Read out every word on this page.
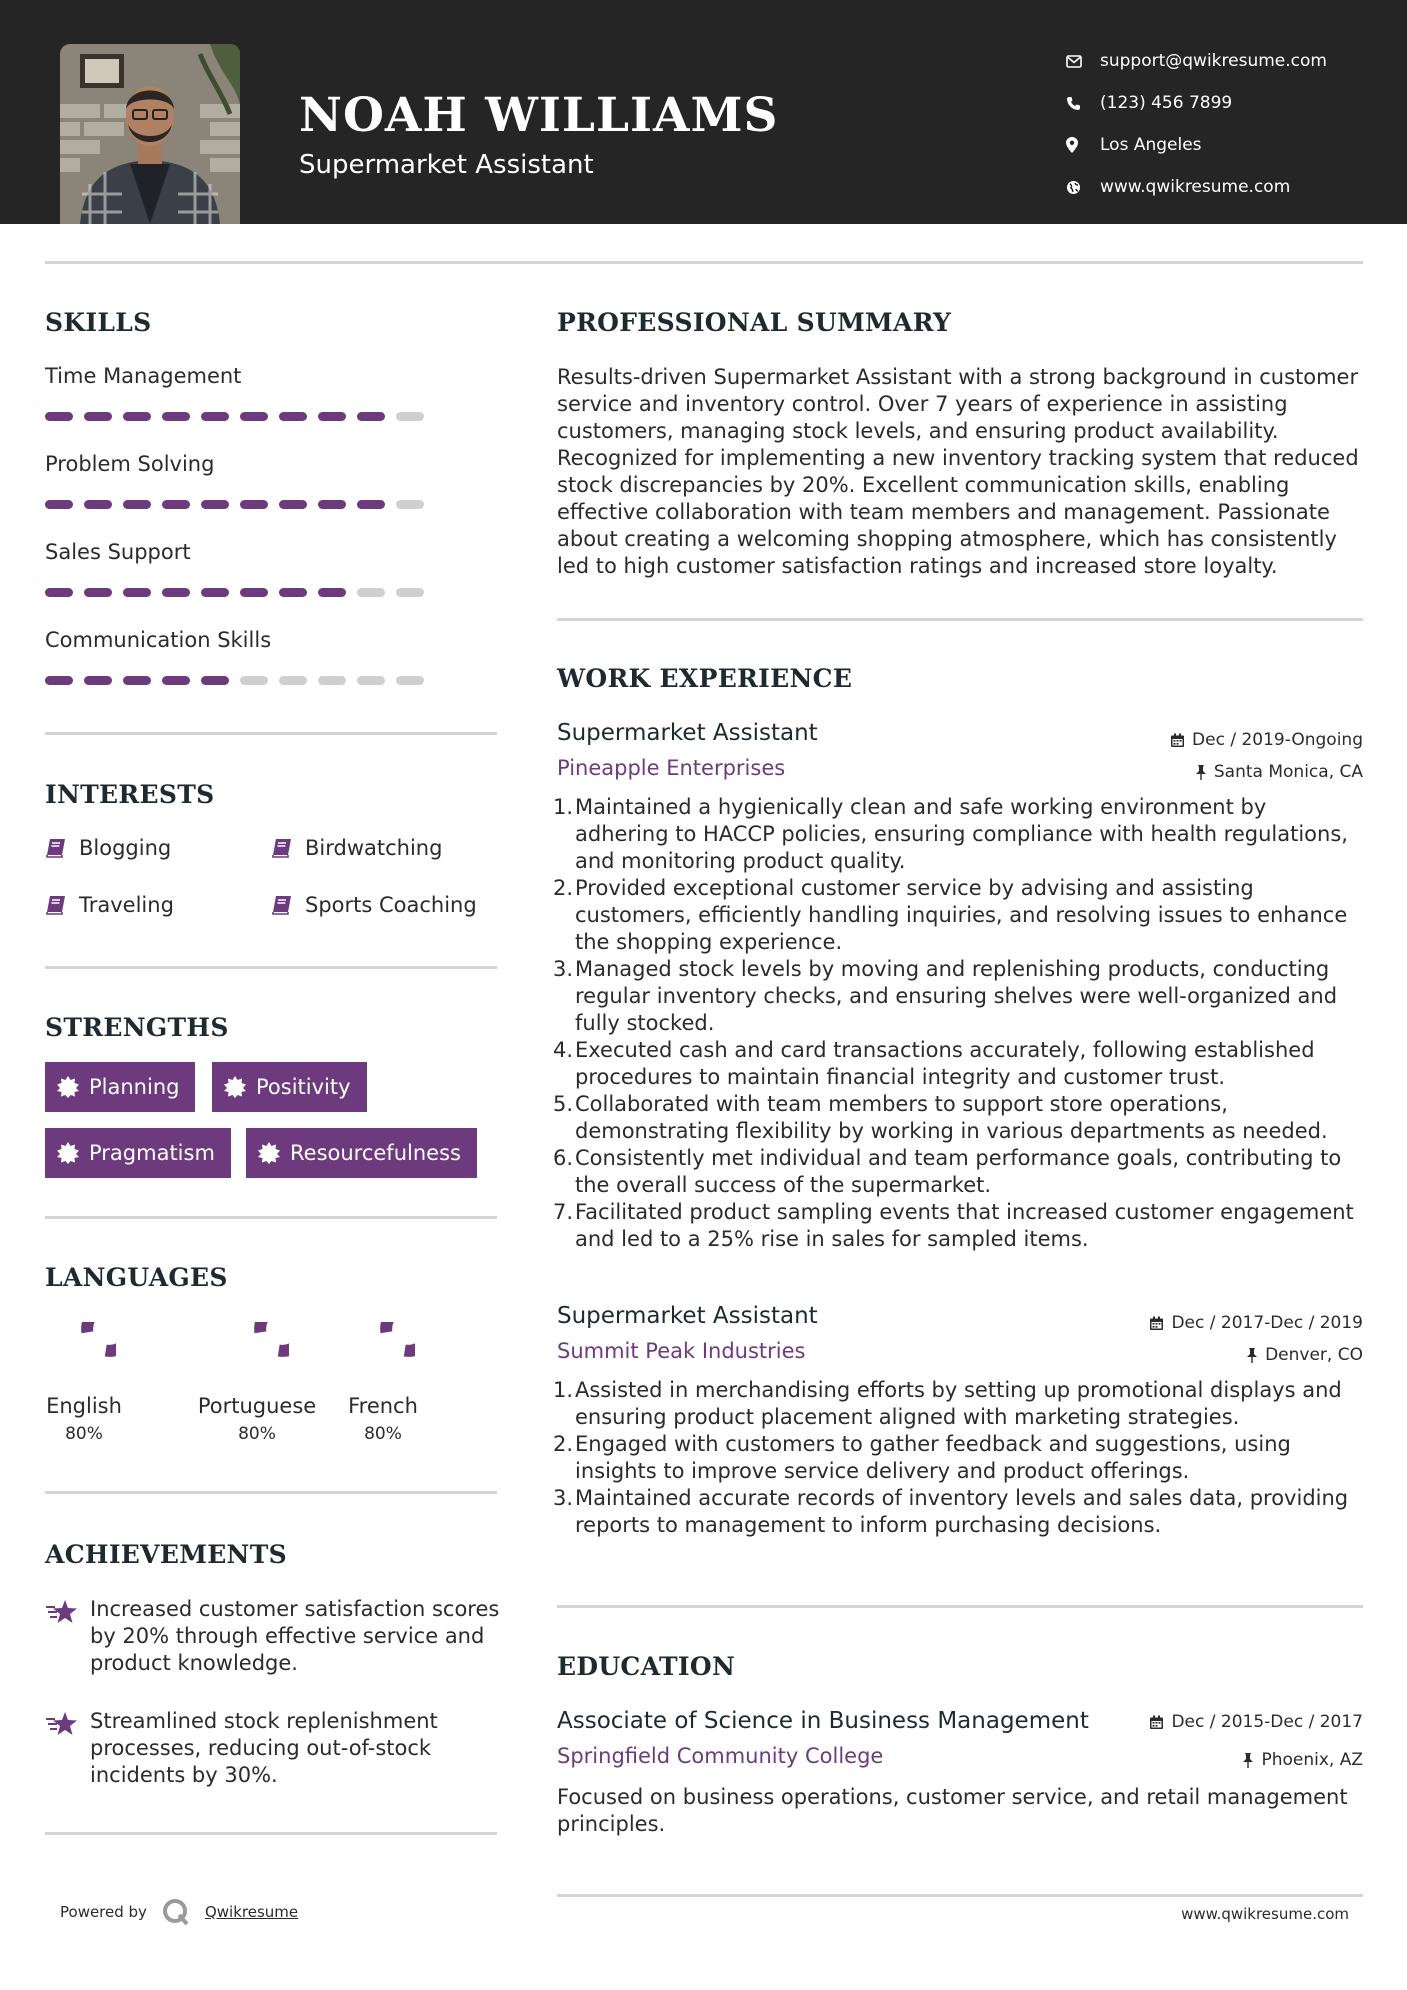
NOAH WILLIAMS
Supermarket Assistant
support@qwikresume.com
(123) 456 7899
Los Angeles
www.qwikresume.com
SKILLS
Time Management
Problem Solving
Sales Support
Communication Skills
INTERESTS
Blogging	Birdwatching
Traveling	Sports Coaching
STRENGTHS
Planning	Positivity
Pragmatism	Resourcefulness
LANGUAGES
English
80%
Portuguese
80%
French
80%
ACHIEVEMENTS
Increased customer satisfaction scores by 20% through effective service and product knowledge.
Streamlined stock replenishment processes, reducing out-of-stock incidents by 30%.
PROFESSIONAL SUMMARY
Results-driven Supermarket Assistant with a strong background in customer service and inventory control. Over 7 years of experience in assisting customers, managing stock levels, and ensuring product availability. Recognized for implementing a new inventory tracking system that reduced stock discrepancies by 20%. Excellent communication skills, enabling effective collaboration with team members and management. Passionate about creating a welcoming shopping atmosphere, which has consistently led to high customer satisfaction ratings and increased store loyalty.
WORK EXPERIENCE
Supermarket Assistant
Pineapple Enterprises
Dec / 2019-Ongoing
Santa Monica, CA
1. Maintained a hygienically clean and safe working environment by adhering to HACCP policies, ensuring compliance with health regulations, and monitoring product quality.
2. Provided exceptional customer service by advising and assisting customers, efficiently handling inquiries, and resolving issues to enhance the shopping experience.
3. Managed stock levels by moving and replenishing products, conducting regular inventory checks, and ensuring shelves were well-organized and fully stocked.
4. Executed cash and card transactions accurately, following established procedures to maintain financial integrity and customer trust.
5. Collaborated with team members to support store operations, demonstrating flexibility by working in various departments as needed.
6. Consistently met individual and team performance goals, contributing to the overall success of the supermarket.
7. Facilitated product sampling events that increased customer engagement and led to a 25% rise in sales for sampled items.
Supermarket Assistant
Summit Peak Industries
Dec / 2017-Dec / 2019
Denver, CO
1. Assisted in merchandising efforts by setting up promotional displays and ensuring product placement aligned with marketing strategies.
2. Engaged with customers to gather feedback and suggestions, using insights to improve service delivery and product offerings.
3. Maintained accurate records of inventory levels and sales data, providing reports to management to inform purchasing decisions.
EDUCATION
Associate of Science in Business Management
Springfield Community College
Dec / 2015-Dec / 2017
Phoenix, AZ
Focused on business operations, customer service, and retail management principles.
Powered by	Qwikresume	www.qwikresume.com
